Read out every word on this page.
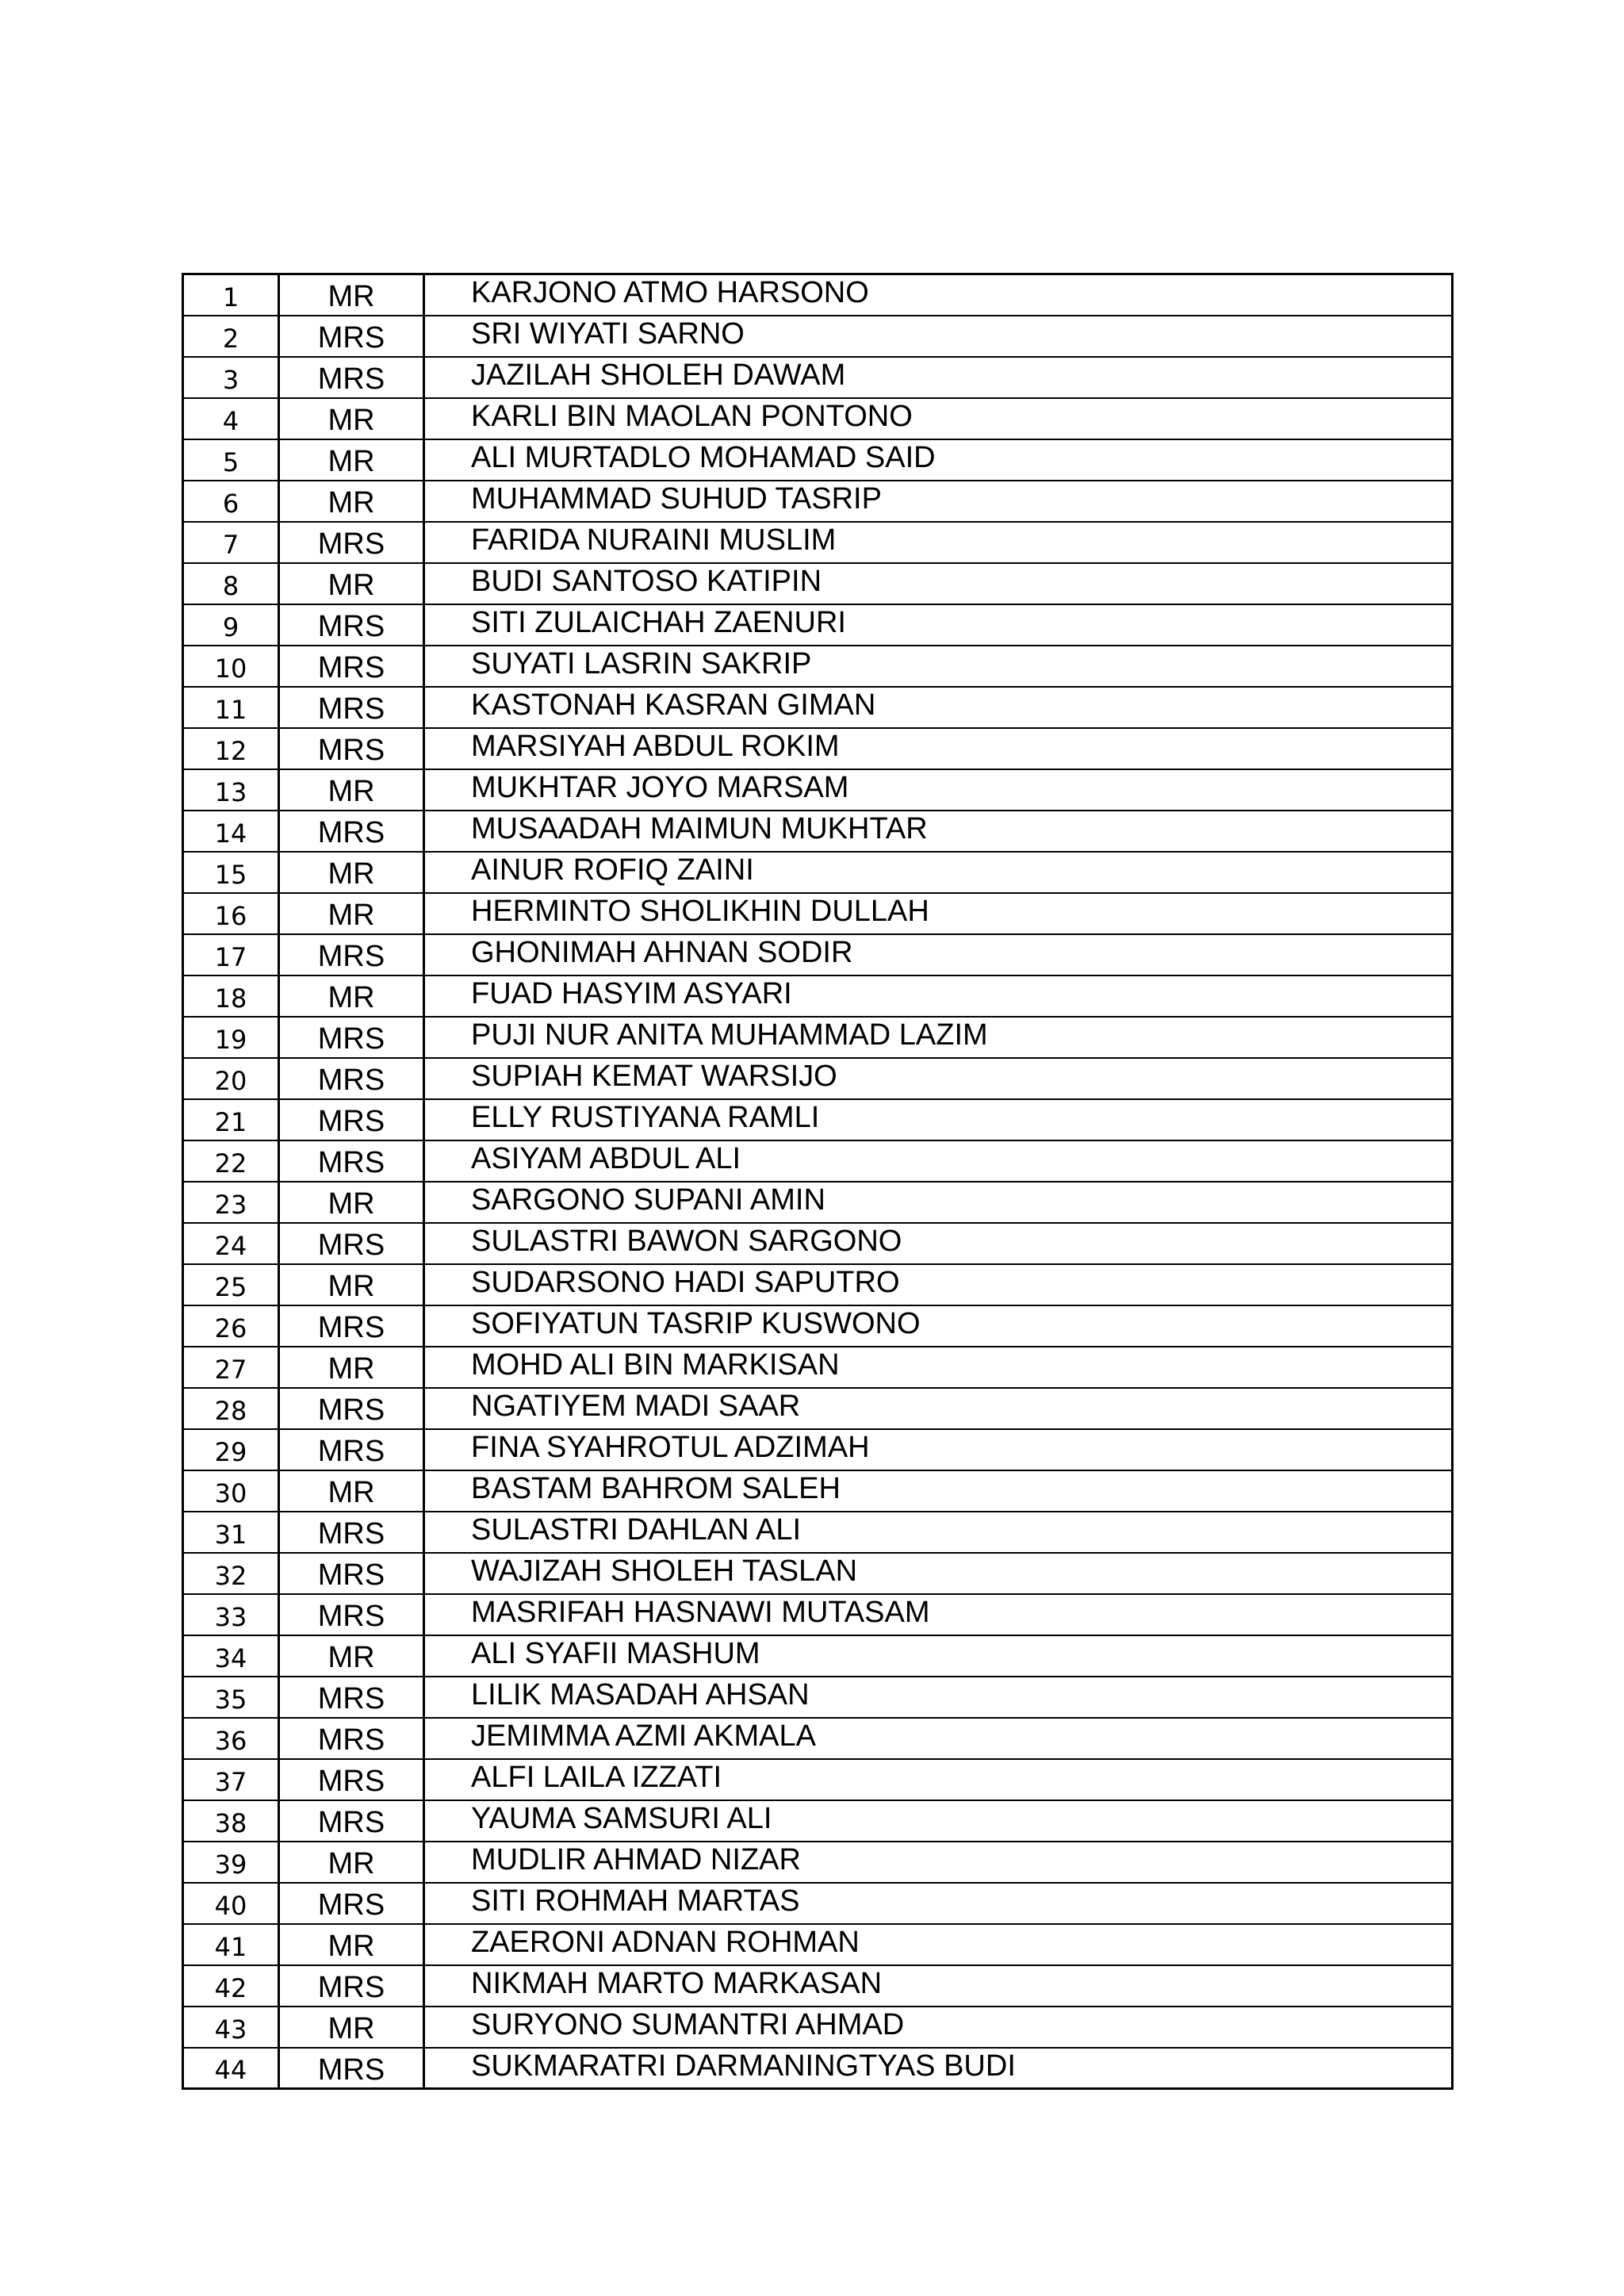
1	MR	KARJONO ATMO HARSONO
2	MRS	SRI WIYATI SARNO
3	MRS	JAZILAH SHOLEH DAWAM
4	MR	KARLI BIN MAOLAN PONTONO
5	MR	ALI MURTADLO MOHAMAD SAID
6	MR	MUHAMMAD SUHUD TASRIP
7	MRS	FARIDA NURAINI MUSLIM
8	MR	BUDI SANTOSO KATIPIN
9	MRS	SITI ZULAICHAH ZAENURI
10	MRS	SUYATI LASRIN SAKRIP
11	MRS	KASTONAH KASRAN GIMAN
12	MRS	MARSIYAH ABDUL ROKIM
13	MR	MUKHTAR JOYO MARSAM
14	MRS	MUSAADAH MAIMUN MUKHTAR
15	MR	AINUR ROFIQ ZAINI
16	MR	HERMINTO SHOLIKHIN DULLAH
17	MRS	GHONIMAH AHNAN SODIR
18	MR	FUAD HASYIM ASYARI
19	MRS	PUJI NUR ANITA MUHAMMAD LAZIM
20	MRS	SUPIAH KEMAT WARSIJO
21	MRS	ELLY RUSTIYANA RAMLI
22	MRS	ASIYAM ABDUL ALI
23	MR	SARGONO SUPANI AMIN
24	MRS	SULASTRI BAWON SARGONO
25	MR	SUDARSONO HADI SAPUTRO
26	MRS	SOFIYATUN TASRIP KUSWONO
27	MR	MOHD ALI BIN MARKISAN
28	MRS	NGATIYEM MADI SAAR
29	MRS	FINA SYAHROTUL ADZIMAH
30	MR	BASTAM BAHROM SALEH
31	MRS	SULASTRI DAHLAN ALI
32	MRS	WAJIZAH SHOLEH TASLAN
33	MRS	MASRIFAH HASNAWI MUTASAM
34	MR	ALI SYAFII MASHUM
35	MRS	LILIK MASADAH AHSAN
36	MRS	JEMIMMA AZMI AKMALA
37	MRS	ALFI LAILA IZZATI
38	MRS	YAUMA SAMSURI ALI
39	MR	MUDLIR AHMAD NIZAR
40	MRS	SITI ROHMAH MARTAS
41	MR	ZAERONI ADNAN ROHMAN
42	MRS	NIKMAH MARTO MARKASAN
43	MR	SURYONO SUMANTRI AHMAD
44	MRS	SUKMARATRI DARMANINGTYAS BUDI
